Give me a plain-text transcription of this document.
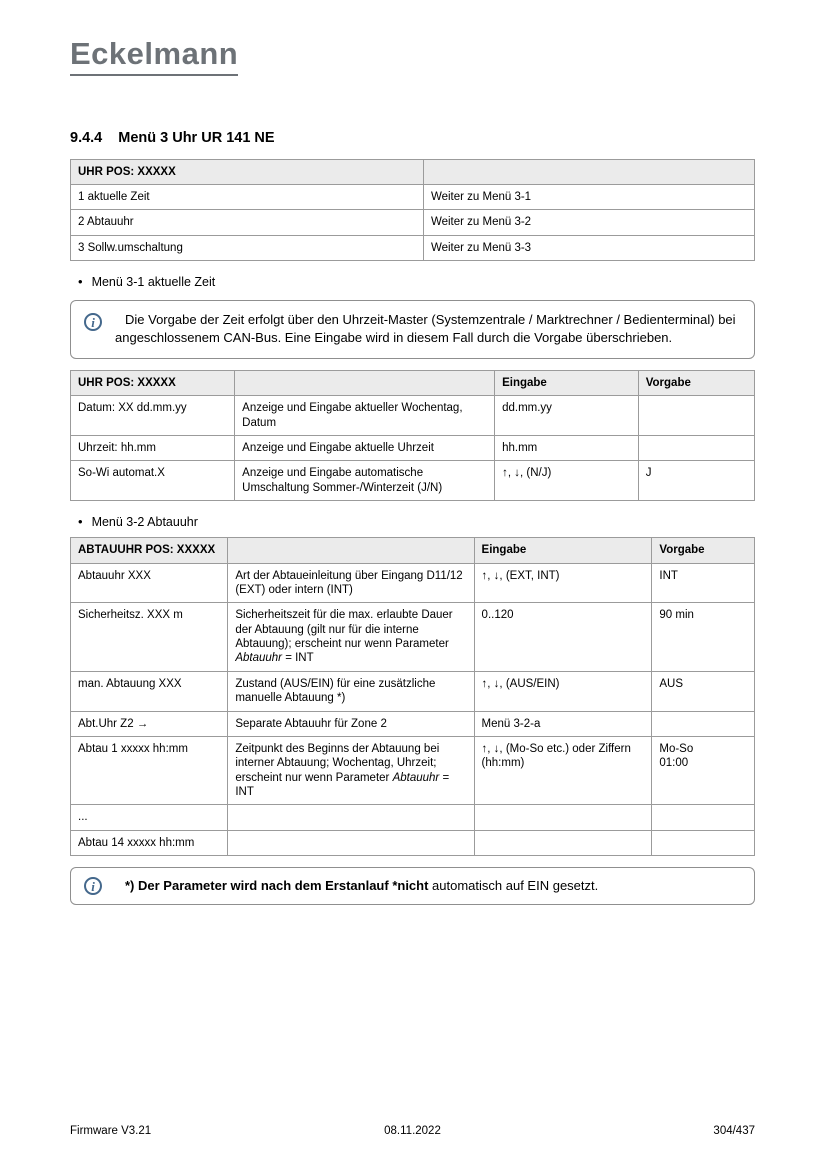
Eckelmann
9.4.4 Menü 3 Uhr UR 141 NE
UHR POS: XXXXX	
1 aktuelle Zeit	Weiter zu Menü 3-1
2 Abtauuhr	Weiter zu Menü 3-2
3 Sollw.umschaltung	Weiter zu Menü 3-3
• Menü 3-1 aktuelle Zeit
i	Die Vorgabe der Zeit erfolgt über den Uhrzeit-Master (Systemzentrale / Marktrechner / Bedienterminal) bei angeschlossenem CAN-Bus. Eine Eingabe wird in diesem Fall durch die Vorgabe überschrieben.
UHR POS: XXXXX		Eingabe	Vorgabe
Datum: XX dd.mm.yy	Anzeige und Eingabe aktueller Wochentag, Datum	dd.mm.yy	
Uhrzeit: hh.mm	Anzeige und Eingabe aktuelle Uhrzeit	hh.mm	
So-Wi automat.X	Anzeige und Eingabe automatische Umschaltung Sommer-/Winterzeit (J/N)	↑, ↓, (N/J)	J
• Menü 3-2 Abtauuhr
ABTAUUHR POS: XXXXX		Eingabe	Vorgabe
Abtauuhr XXX	Art der Abtaueinleitung über Eingang D11/12 (EXT) oder intern (INT)	↑, ↓, (EXT, INT)	INT
Sicherheitsz. XXX m	Sicherheitszeit für die max. erlaubte Dauer der Abtauung (gilt nur für die interne Abtauung); erscheint nur wenn Parameter Abtauuhr = INT	0..120	90 min
man. Abtauung XXX	Zustand (AUS/EIN) für eine zusätzliche manuelle Abtauung *)	↑, ↓, (AUS/EIN)	AUS
Abt.Uhr Z2 →	Separate Abtauuhr für Zone 2	Menü 3-2-a	
Abtau 1 xxxxx hh:mm	Zeitpunkt des Beginns der Abtauung bei interner Abtauung; Wochentag, Uhrzeit; erscheint nur wenn Parameter Abtauuhr = INT	↑, ↓, (Mo-So etc.) oder Ziffern (hh:mm)	Mo-So
01:00
...			
Abtau 14 xxxxx hh:mm			
i	*) Der Parameter wird nach dem Erstanlauf *nicht automatisch auf EIN gesetzt.
Firmware V3.21	08.11.2022	304/437
